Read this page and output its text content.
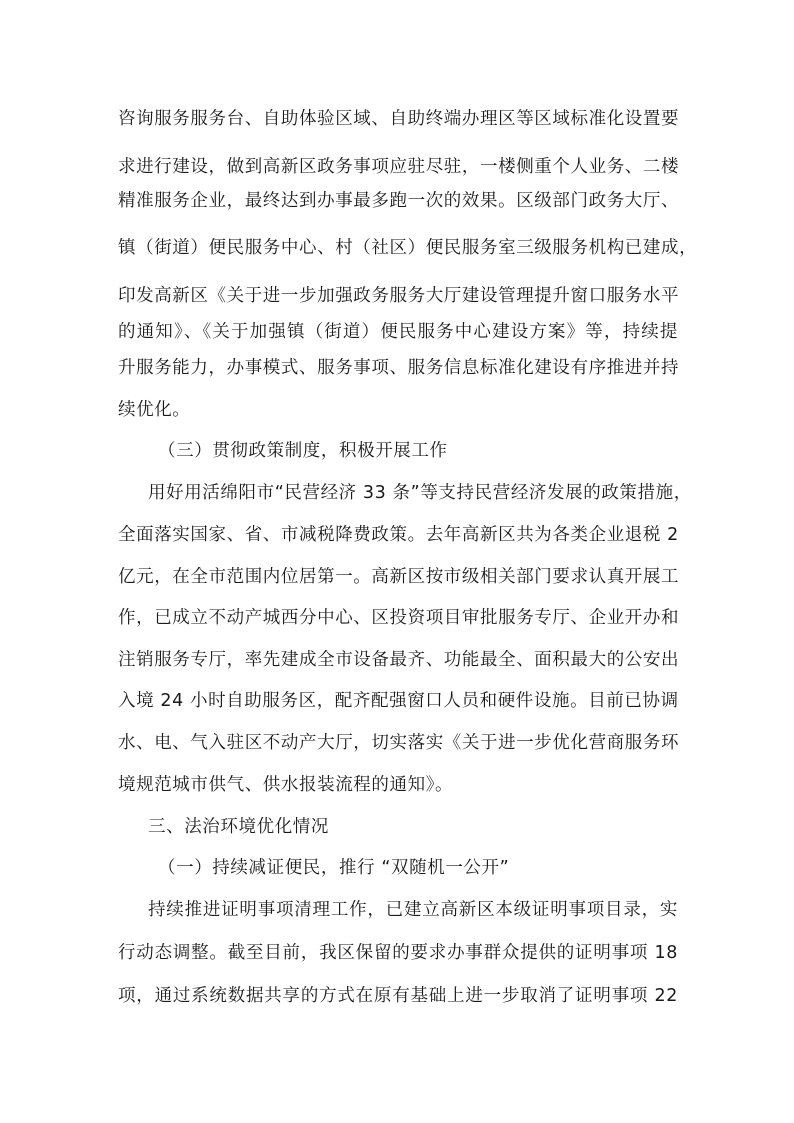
咨询服务服务台、自助体验区域、自助终端办理区等区域标准化设置要
求进行建设，做到高新区政务事项应驻尽驻，一楼侧重个人业务、二楼
精准服务企业，最终达到办事最多跑一次的效果。区级部门政务大厅、
镇（街道）便民服务中心、村（社区）便民服务室三级服务机构已建成，
印发高新区《关于进一步加强政务服务大厅建设管理提升窗口服务水平
的通知》、《关于加强镇（街道）便民服务中心建设方案》等，持续提
升服务能力，办事模式、服务事项、服务信息标准化建设有序推进并持
续优化。
（三）贯彻政策制度，积极开展工作
用好用活绵阳市“民营经济 33 条”等支持民营经济发展的政策措施，
全面落实国家、省、市减税降费政策。去年高新区共为各类企业退税 2
亿元，在全市范围内位居第一。高新区按市级相关部门要求认真开展工
作，已成立不动产城西分中心、区投资项目审批服务专厅、企业开办和
注销服务专厅，率先建成全市设备最齐、功能最全、面积最大的公安出
入境 24 小时自助服务区，配齐配强窗口人员和硬件设施。目前已协调
水、电、气入驻区不动产大厅，切实落实《关于进一步优化营商服务环
境规范城市供气、供水报装流程的通知》。
三、法治环境优化情况
（一）持续减证便民，推行 “双随机一公开”
持续推进证明事项清理工作，已建立高新区本级证明事项目录，实
行动态调整。截至目前，我区保留的要求办事群众提供的证明事项 18
项，通过系统数据共享的方式在原有基础上进一步取消了证明事项 22
